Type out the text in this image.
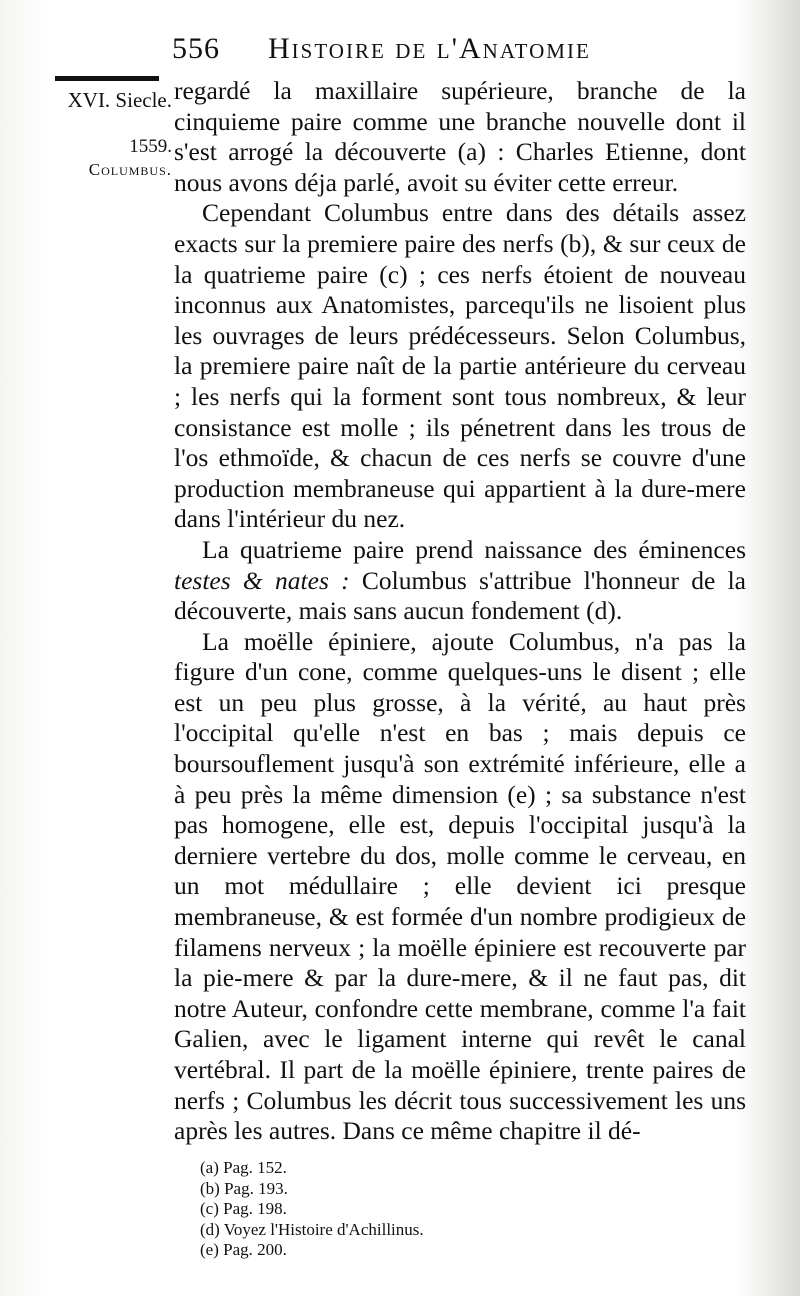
556 Histoire de l'Anatomie
XVI. Siecle.
1559.
Columbus.

regardé la maxillaire supérieure, branche de la cinquieme paire comme une branche nouvelle dont il s'est arrogé la découverte (a) : Charles Etienne, dont nous avons déja parlé, avoit su éviter cette erreur.

Cependant Columbus entre dans des détails assez exacts sur la premiere paire des nerfs (b), & sur ceux de la quatrieme paire (c) ; ces nerfs étoient de nouveau inconnus aux Anatomistes, parcequ'ils ne lisoient plus les ouvrages de leurs prédécesseurs. Selon Columbus, la premiere paire naît de la partie antérieure du cerveau ; les nerfs qui la forment sont tous nombreux, & leur consistance est molle ; ils pénetrent dans les trous de l'os ethmoïde, & chacun de ces nerfs se couvre d'une production membraneuse qui appartient à la dure-mere dans l'intérieur du nez.

La quatrieme paire prend naissance des éminences testes & nates : Columbus s'attribue l'honneur de la découverte, mais sans aucun fondement (d).

La moëlle épiniere, ajoute Columbus, n'a pas la figure d'un cone, comme quelques-uns le disent ; elle est un peu plus grosse, à la vérité, au haut près l'occipital qu'elle n'est en bas ; mais depuis ce boursouflement jusqu'à son extrémité inférieure, elle a à peu près la même dimension (e) ; sa substance n'est pas homogene, elle est, depuis l'occipital jusqu'à la derniere vertebre du dos, molle comme le cerveau, en un mot médullaire ; elle devient ici presque membraneuse, & est formée d'un nombre prodigieux de filamens nerveux ; la moëlle épiniere est recouverte par la pie-mere & par la dure-mere, & il ne faut pas, dit notre Auteur, confondre cette membrane, comme l'a fait Galien, avec le ligament interne qui revêt le canal vertébral. Il part de la moëlle épiniere, trente paires de nerfs ; Columbus les décrit tous successivement les uns après les autres. Dans ce même chapitre il dé-

(a) Pag. 152.
(b) Pag. 193.
(c) Pag. 198.
(d) Voyez l'Histoire d'Achillinus.
(e) Pag. 200.
